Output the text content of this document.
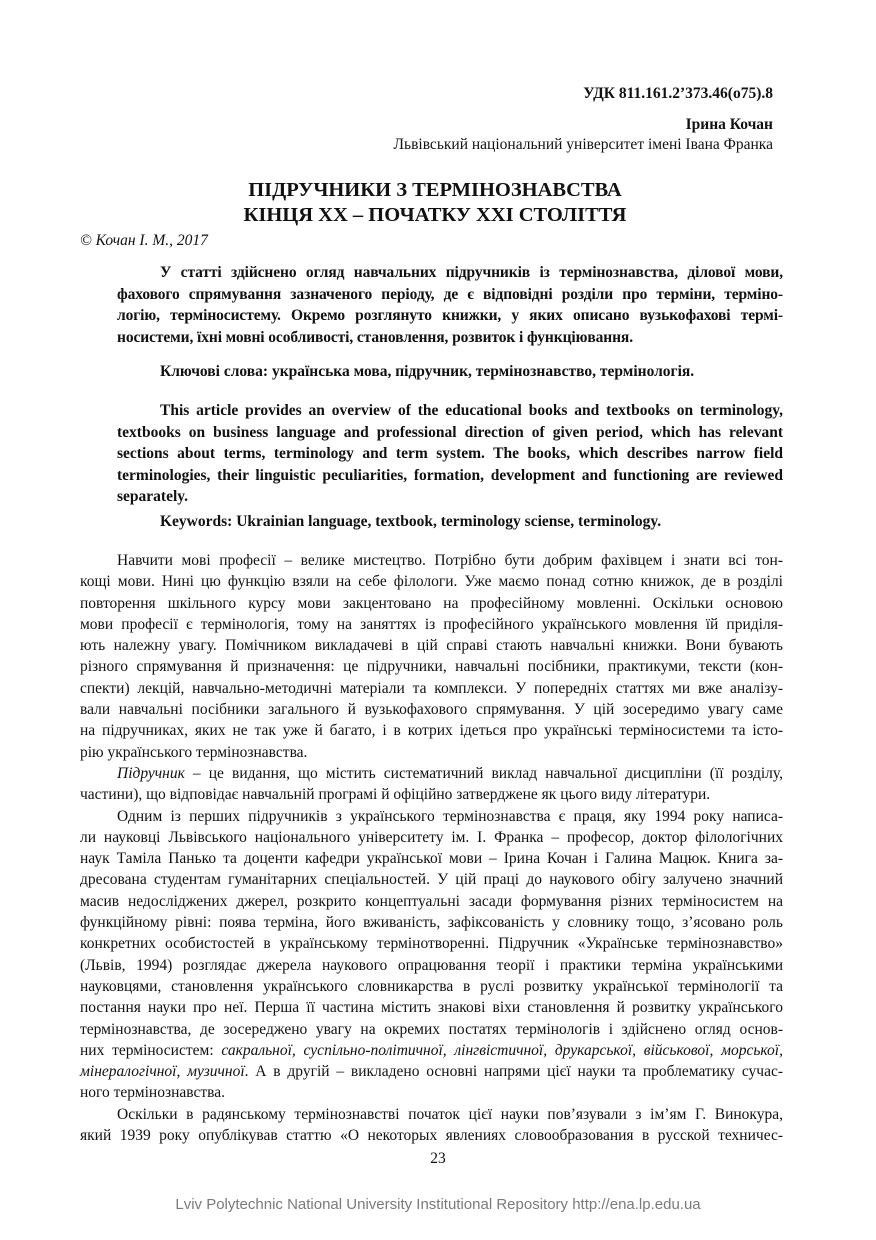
УДК 811.161.2’373.46(о75).8
Ірина Кочан
Львівський національний університет імені Івана Франка
ПІДРУЧНИКИ З ТЕРМІНОЗНАВСТВА
КІНЦЯ ХХ – ПОЧАТКУ ХХІ СТОЛІТТЯ
© Кочан І. М., 2017
У статті здійснено огляд навчальних підручників із термінознавства, ділової мови,
фахового спрямування зазначеного періоду, де є відповідні розділи про терміни, терміно-
логію, терміносистему. Окремо розглянуто книжки, у яких описано вузькофахові термі-
носистеми, їхні мовні особливості, становлення, розвиток і функціювання.
Ключові слова: українська мова, підручник, термінознавство, термінологія.
This article provides an overview of the educational books and textbooks on terminology,
textbooks on business language and professional direction of given period, which has relevant
sections about terms, terminology and term system. The books, which describes narrow field
terminologies, their linguistic peculiarities, formation, development and functioning are reviewed
separately.
Keywords: Ukrainian language, textbook, terminology sciense, terminology.
Навчити мові професії – велике мистецтво. Потрібно бути добрим фахівцем і знати всі тон-
кощі мови. Нині цю функцію взяли на себе філологи. Уже маємо понад сотню книжок, де в розділі
повторення шкільного курсу мови закцентовано на професійному мовленні. Оскільки основою
мови професії є термінологія, тому на заняттях із професійного українського мовлення їй приділя-
ють належну увагу. Помічником викладачеві в цій справі стають навчальні книжки. Вони бувають
різного спрямування й призначення: це підручники, навчальні посібники, практикуми, тексти (кон-
спекти) лекцій, навчально-методичні матеріали та комплекси. У попередніх статтях ми вже аналізу-
вали навчальні посібники загального й вузькофахового спрямування. У цій зосередимо увагу саме
на підручниках, яких не так уже й багато, і в котрих ідеться про українські терміносистеми та істо-
рію українського термінознавства.
Підручник – це видання, що містить систематичний виклад навчальної дисципліни (її розділу,
частини), що відповідає навчальній програмі й офіційно затверджене як цього виду літератури.
Одним із перших підручників з українського термінознавства є праця, яку 1994 року написа-
ли науковці Львівського національного університету ім. І. Франка – професор, доктор філологічних
наук Таміла Панько та доценти кафедри української мови – Ірина Кочан і Галина Мацюк. Книга за-
дресована студентам гуманітарних спеціальностей. У цій праці до наукового обігу залучено значний
масив недосліджених джерел, розкрито концептуальні засади формування різних терміносистем на
функційному рівні: поява терміна, його вживаність, зафіксованість у словнику тощо, з’ясовано роль
конкретних особистостей в українському термінотворенні. Підручник «Українське термінознавство»
(Львів, 1994) розглядає джерела наукового опрацювання теорії і практики терміна українськими
науковцями, становлення українського словникарства в руслі розвитку української термінології та
постання науки про неї. Перша її частина містить знакові віхи становлення й розвитку українського
термінознавства, де зосереджено увагу на окремих постатях термінологів і здійснено огляд основ-
них терміносистем: сакральної, суспільно-політичної, лінгвістичної, друкарської, військової, морської,
мінералогічної, музичної. А в другій – викладено основні напрями цієї науки та проблематику сучас-
ного термінознавства.
Оскільки в радянському термінознавстві початок цієї науки пов’язували з ім’ям Г. Винокура,
який 1939 року опублікував статтю «О некоторых явлениях словообразования в русской техничес-
23
Lviv Polytechnic National University Institutional Repository http://ena.lp.edu.ua
